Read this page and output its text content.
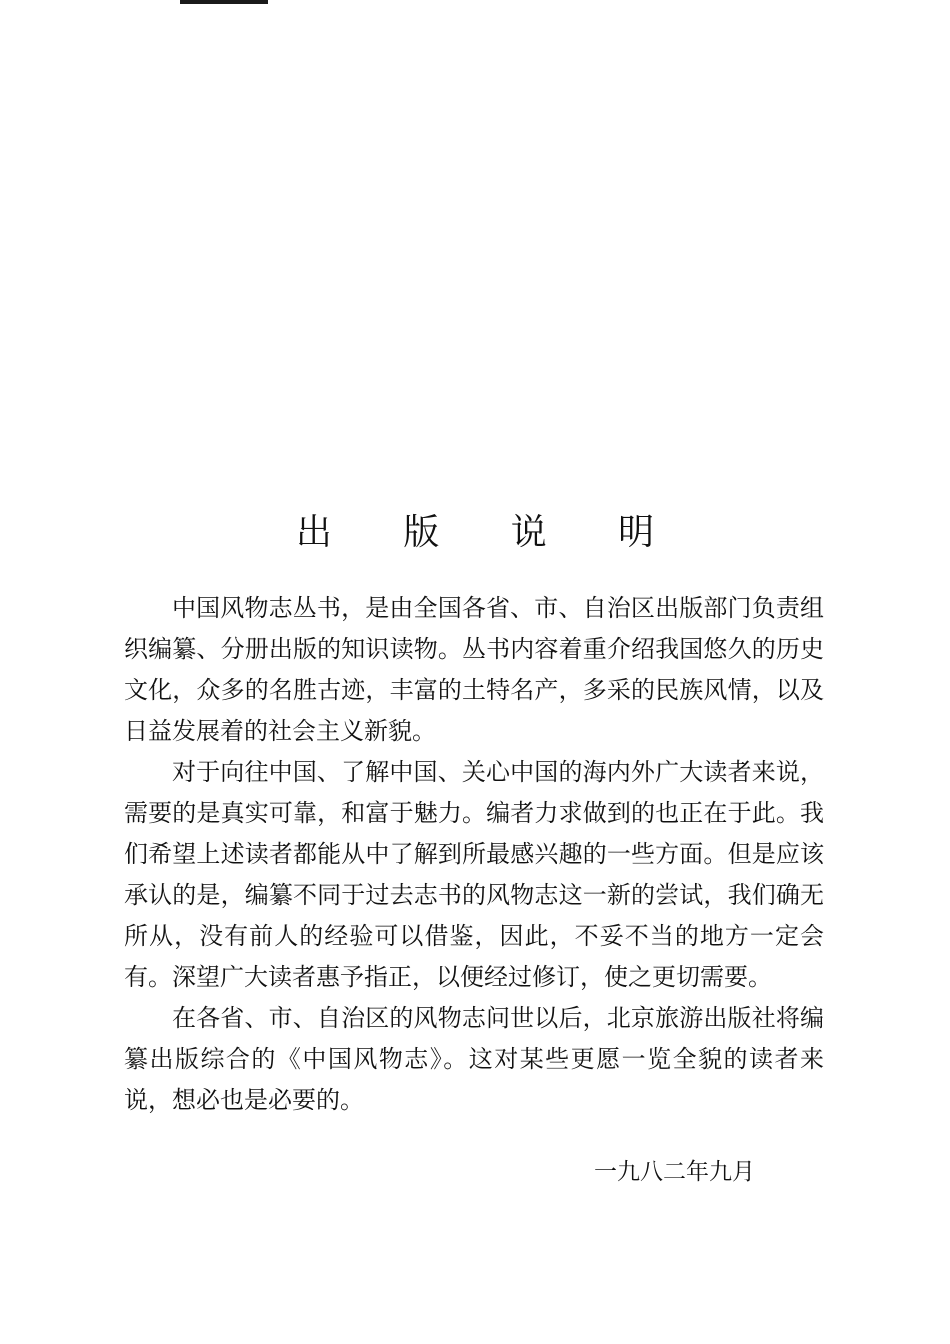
出 版 说 明

中国风物志丛书，是由全国各省、市、自治区出版部门负责组织编纂、分册出版的知识读物。丛书内容着重介绍我国悠久的历史文化，众多的名胜古迹，丰富的土特名产，多采的民族风情，以及日益发展着的社会主义新貌。

对于向往中国、了解中国、关心中国的海内外广大读者来说，需要的是真实可靠，和富于魅力。编者力求做到的也正在于此。我们希望上述读者都能从中了解到所最感兴趣的一些方面。但是应该承认的是，编纂不同于过去志书的风物志这一新的尝试，我们确无所从，没有前人的经验可以借鉴，因此，不妥不当的地方一定会有。深望广大读者惠予指正，以便经过修订，使之更切需要。

在各省、市、自治区的风物志问世以后，北京旅游出版社将编纂出版综合的《中国风物志》。这对某些更愿一览全貌的读者来说，想必也是必要的。

一九八二年九月
